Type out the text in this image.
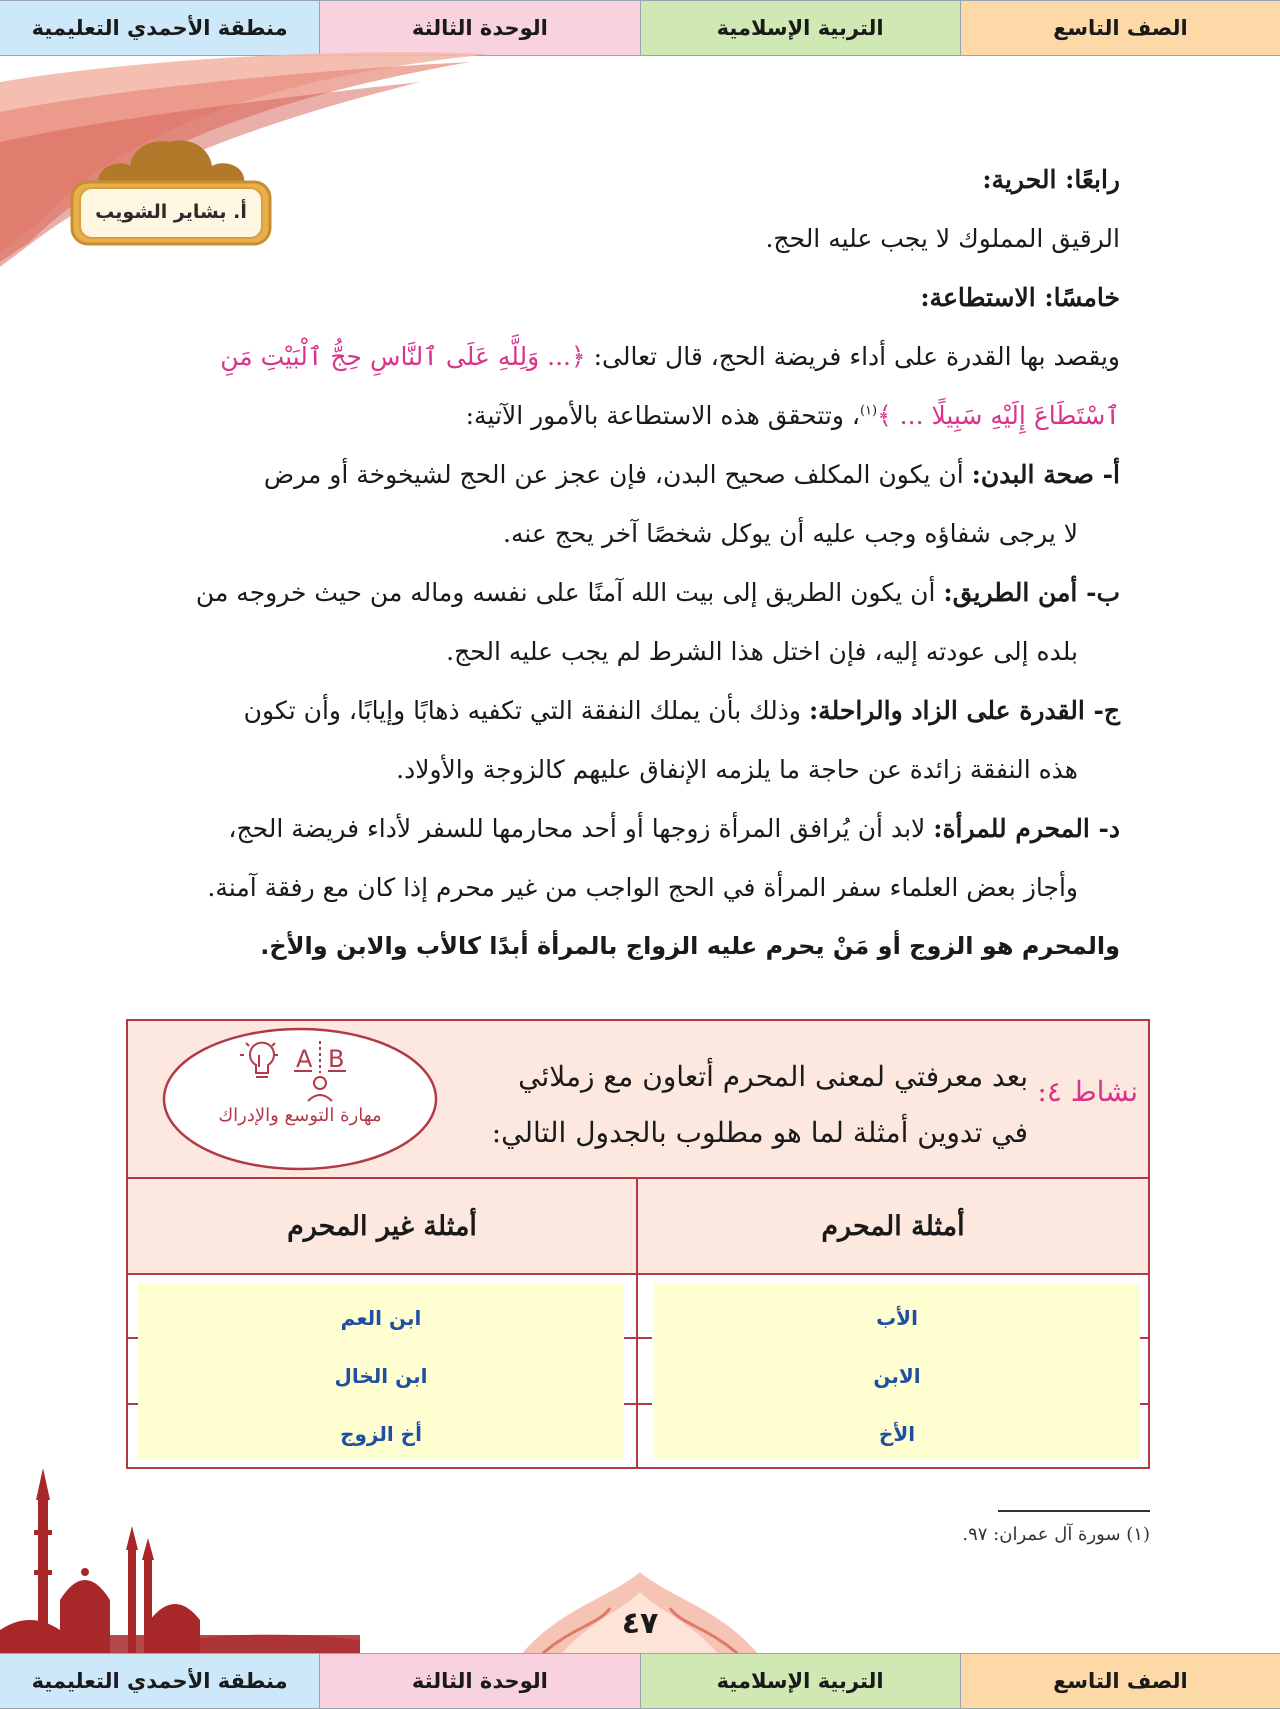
الصف التاسع
التربية الإسلامية
الوحدة الثالثة
منطقة الأحمدي التعليمية
أ. بشاير الشويب
رابعًا: الحرية:
الرقيق المملوك لا يجب عليه الحج.
خامسًا: الاستطاعة:
ويقصد بها القدرة على أداء فريضة الحج، قال تعالى: ﴿... وَلِلَّهِ عَلَى ٱلنَّاسِ حِجُّ ٱلْبَيْتِ مَنِ
ٱسْتَطَاعَ إِلَيْهِ سَبِيلًا ... ﴾$^{(١)}$، وتتحقق هذه الاستطاعة بالأمور الآتية:
أ- صحة البدن: أن يكون المكلف صحيح البدن، فإن عجز عن الحج لشيخوخة أو مرض
لا يرجى شفاؤه وجب عليه أن يوكل شخصًا آخر يحج عنه.
ب- أمن الطريق: أن يكون الطريق إلى بيت الله آمنًا على نفسه وماله من حيث خروجه من
بلده إلى عودته إليه، فإن اختل هذا الشرط لم يجب عليه الحج.
ج- القدرة على الزاد والراحلة: وذلك بأن يملك النفقة التي تكفيه ذهابًا وإيابًا، وأن تكون
هذه النفقة زائدة عن حاجة ما يلزمه الإنفاق عليهم كالزوجة والأولاد.
د- المحرم للمرأة: لابد أن يُرافق المرأة زوجها أو أحد محارمها للسفر لأداء فريضة الحج،
وأجاز بعض العلماء سفر المرأة في الحج الواجب من غير محرم إذا كان مع رفقة آمنة.
والمحرم هو الزوج أو مَنْ يحرم عليه الزواج بالمرأة أبدًا كالأب والابن والأخ.
نشاط ٤:
بعد معرفتي لمعنى المحرم أتعاون مع زملائي
في تدوين أمثلة لما هو مطلوب بالجدول التالي:
A B
مهارة التوسع والإدراك
أمثلة المحرم
أمثلة غير المحرم
الأب
الابن
الأخ
ابن العم
ابن الخال
أخ الزوج
(١) سورة آل عمران: ٩٧.
٤٧
الصف التاسع
التربية الإسلامية
الوحدة الثالثة
منطقة الأحمدي التعليمية
